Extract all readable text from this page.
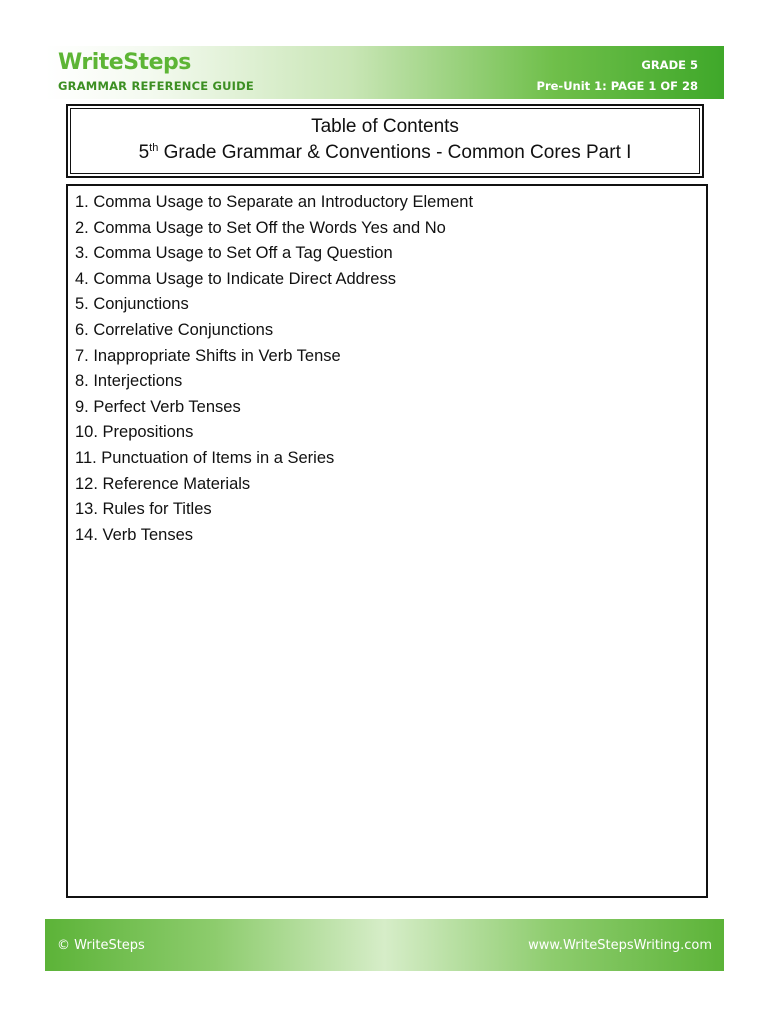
WriteSteps
GRAMMAR REFERENCE GUIDE
GRADE 5
Pre-Unit 1: PAGE 1 OF 28
Table of Contents
5th Grade Grammar & Conventions - Common Cores Part I
1. Comma Usage to Separate an Introductory Element
2. Comma Usage to Set Off the Words Yes and No
3. Comma Usage to Set Off a Tag Question
4. Comma Usage to Indicate Direct Address
5. Conjunctions
6. Correlative Conjunctions
7. Inappropriate Shifts in Verb Tense
8. Interjections
9. Perfect Verb Tenses
10. Prepositions
11. Punctuation of Items in a Series
12. Reference Materials
13. Rules for Titles
14. Verb Tenses
© WriteSteps	www.WriteStepsWriting.com
